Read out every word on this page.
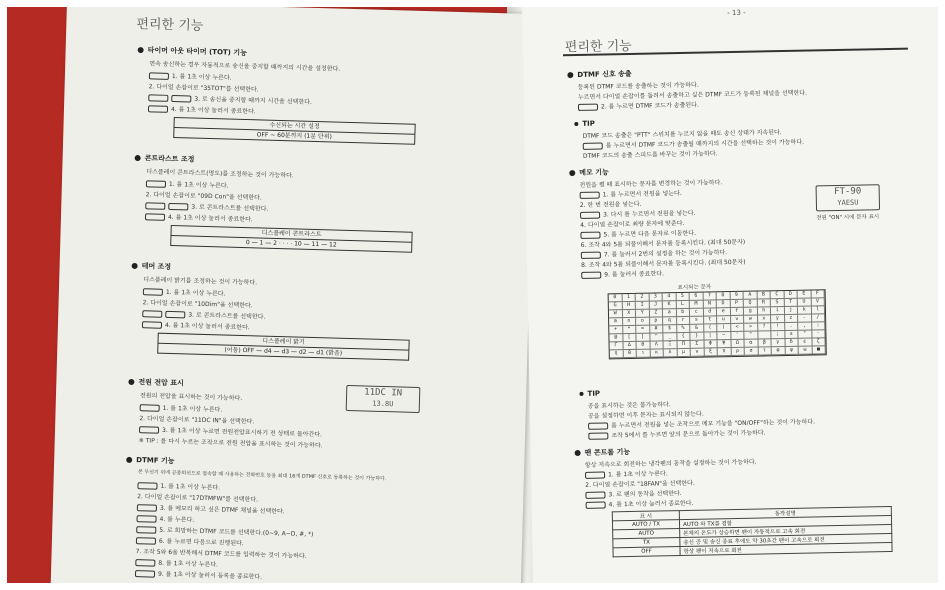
편리한 기능
타이머 아웃 타이머 (TOT) 기능
연속 송신하는 경우 자동적으로 송신을 중지할 때까지의 시간을 설정한다.
1. 를 1초 이상 누른다.
2. 다이얼 손잡이로 "35TOT"를 선택한다.
3. 로 송신을 중지할 때까지 시간을 선택한다.
4. 를 1초 이상 눌러서 종료한다.
수신되는 시간 설정
OFF ~ 60분까지 (1분 단위)
콘트라스트 조정
디스플레이 콘트라스트(명도)를 조정하는 것이 가능하다.
1. 를 1초 이상 누른다.
2. 다이얼 손잡이로 "09D Con"을 선택한다.
3. 로 콘트라스트를 선택한다.
4. 를 1초 이상 눌러서 종료한다.
디스플레이 콘트라스트
0 — 1 — 2 · · · · 10 — 11 — 12
테머 조정
디스플레이 밝기를 조정하는 것이 가능하다.
1. 를 1초 이상 누른다.
2. 다이얼 손잡이로 "10Dim"을 선택한다.
3. 로 콘트라스트를 선택한다.
4. 를 1초 이상 눌러서 종료한다.
디스플레이 밝기
(어둠) OFF — d4 — d3 — d2 — d1 (밝음)
전원 전압 표시
전원의 전압을 표시하는 것이 가능하다.
1. 를 1초 이상 누른다.
2. 다이얼 손잡이로 "11DC IN"을 선택한다.
3. 를 1초 이상 누르면 전원전압표시하기 전 상태로 돌아간다.
※ TIP : 를 다시 누르는 조작으로 전원 전압을 표시하는 것이 가능하다.
11DC IN
13.8U
DTMF 기능
본 무선기 위에 공중회선으로 접속할 때 사용하는 전화번호 등을 최대 16개 DTMF 신호로 등록하는 것이 가능하다.
1. 를 1초 이상 누른다.
2. 다이얼 손잡이로 "17DTMFW"를 선택한다.
3. 를 메모리 하고 싶은 DTMF 채널을 선택한다.
4. 를 누른다.
5. 로 희망하는 DTMF 코드를 선택한다.(0~9, A~D, #, *)
6. 를 누르면 다음으로 진행된다.
7. 조작 5와 6을 반복해서 DTMF 코드를 입력하는 것이 가능하다.
8. 를 1초 이상 누른다.
9. 를 1초 이상 눌러서 등록을 종료한다.
- 13 -
편리한 기능
DTMF 신호 송출
등록된 DTMF 코드를 송출하는 것이 가능하다.
누르면서 다이얼 손잡이를 돌려서 송출하고 싶은 DTMF 코드가 등록된 채널을 선택한다.
2. 를 누르면 DTMF 코드가 송출된다.
TIP
DTMF 코드 송출은 "PTT" 스위치를 누르지 않을 때도 송신 상태가 지속된다.
를 누르면서 DTMF 코드가 송출될 때까지의 시간을 선택하는 것이 가능하다.
DTMF 코드의 송출 스피드를 바꾸는 것이 가능하다.
메모 기능
전원을 켤 때 표시하는 문자를 변경하는 것이 가능하다.
1. 를 누르면서 전원을 넣는다.
2. 한 번 전원을 넣는다.
3. 다시 를 누르면서 전원을 넣는다.
4. 다이얼 손잡이로 최량 문자에 맞춘다.
5. 를 누르면 다음 문자로 이동한다.
6. 조작 4와 5를 되풀이해서 문자를 등록시킨다. (최대 50문자)
7. 를 눌러서 2번의 설정을 하는 것이 가능하다.
8. 조작 4와 5를 되풀이해서 문자를 등록시킨다. (최대 50문자)
9. 를 눌러서 종료한다.
FT-90
YAESU
전원 "ON" 시에 문자 표시
표시되는 문자
0	1	2	3	4	5	6	7	8	9	A	B	C	D	E	F
G	H	I	J	K	L	M	N	O	P	Q	R	S	T	U	V
W	X	Y	Z	a	b	c	d	e	f	g	h	i	j	k	l
m	n	o	p	q	r	s	t	u	v	w	x	y	z	-	/
+	*	=	#	$	%	&	(	)	<	>	?	!	.	,	:
@	[	]	^	_	{	}	|	~	'	"	;	±	°	·
Γ	Δ	Θ	Λ	Ξ	Π	Σ	Φ	Ψ	Ω	α	β	γ	δ	ε	ζ
η	θ	ι	κ	λ	μ	ν	ξ	π	ρ	σ	τ	φ	ψ	ω	■
TIP
공을 표시하는 것은 불가능하다.
공을 설정하면 이후 문자는 표시되지 않는다.
를 누르면서 전원을 넣는 조작으로 메모 기능을 "ON/OFF"하는 것이 가능하다.
조작 5에서 를 누르면 앞의 문으로 돌아가는 것이 가능하다.
팬 콘트롤 기능
항상 저속으로 회전하는 냉각팬의 동작을 설정하는 것이 가능하다.
1. 를 1초 이상 누른다.
2. 다이얼 손잡이로 "18FAN"을 선택한다.
3. 로 팬의 동작을 선택한다.
4. 를 1초 이상 눌러서 종료한다.
표 시	동작설명
AUTO / TX	AUTO 와 TX를 겸함
AUTO	본체의 온도가 상승하면 팬이 자동적으로 고속 회전
TX	송신 중 및 송신 종료 후에도 약 30초간 팬이 고속으로 회전
OFF	항상 팬이 저속으로 회전
